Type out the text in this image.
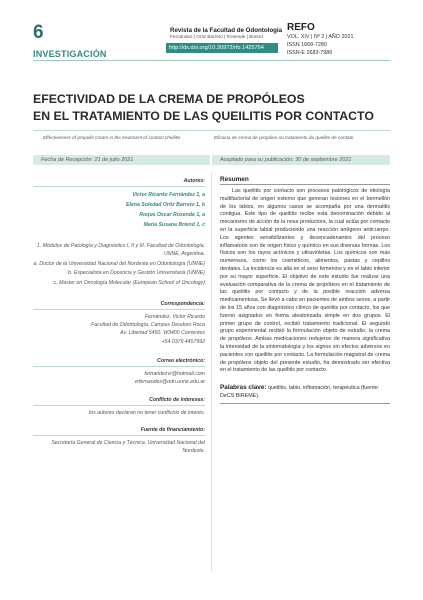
6
INVESTIGACIÓN
Revista de la Facultad de Odontología
Fernández | Ortiz Barreto | Rosende | Briend
http://dx.doi.org/10.30972/rfo.1425764
REFO
VOL. XIV | Nº 2 | AÑO 2021
ISSN 1668-7280
ISSN-E 2683-7986
EFECTIVIDAD DE LA CREMA DE PROPÓLEOS
EN EL TRATAMIENTO DE LAS QUEILITIS POR CONTACTO
Effectiveness of propolis cream in the treatment of contact cheilitis	Eficacia de crema de propóleo no tratamento da queilite de contato
Fecha de Recepción: 21 de julio 2021	Aceptado para su publicación: 30 de septiembre 2021
Autores:
Victor Ricardo Fernández 1, a
Elena Soledad Ortiz Barreto 1, b
Roque Oscar Rosende 1, a
María Susana Briend 1, c
1. Módulos de Patología y Diagnóstico I, II y III. Facultad de Odontología, UNNE, Argentina.
a. Doctor de la Universidad Nacional del Nordeste en Odontología (UNNE)
b. Especialista en Docencia y Gestión Universitaria (UNNE)
c. Master en Oncología Molecular (European School of Oncology)
Correspondencia:
Fernández, Victor Ricardo
Facultad de Odontología, Campus Deodoro Roca
Av. Libertad 5450. W3400 Corrientes
+54 0379 4457992
Correo electrónico:
fernandezvr@hotmail.com
vrfernandez@odn.unne.edu.ar
Conflicto de intereses:
los autores declaran no tener conflictos de interés.
Fuente de financiamiento:
Secretaría General de Ciencia y Técnica. Universidad Nacional del Nordeste.
Resumen
Las queilitis por contacto son procesos patológicos de etiología multifactorial de origen externo que generan lesiones en el bermellón de los labios, en algunos casos se acompaña por una dermatitis contigua. Este tipo de queilitis recibe esta denominación debido al mecanismo de acción de la noxa productora, la cual actúa por contacto en la superficie labial produciendo una reacción antígeno anticuerpo. Los agentes sensibilizantes y desencadenantes del proceso inflamatorio son de origen físico y químico en sus diversas formas. Los físicos son los rayos actínicos y ultravioletas. Los químicos son más numerosos, como los cosméticos, alimentos, pastas y cepillos dentales. La incidencia es alta en el sexo femenino y en el labio inferior por su mayor superficie. El objetivo de este estudio fue realizar una evaluación comparativa de la crema de propóleos en el tratamiento de las queilitis por contacto y de la posible reacción adversa medicamentosa. Se llevó a cabo en pacientes de ambos sexos, a partir de los 15 años con diagnóstico clínico de queilitis por contacto, los que fueron asignados en forma aleatorizada simple en dos grupos. El primer grupo de control, recibió tratamiento tradicional. El segundo grupo experimental recibió la formulación objeto de estudio, la crema de propóleos. Ambas medicaciones redujeron de manera significativa la intensidad de la sintomatología y los signos sin efectos adversos en pacientes con queilitis por contacto. La formulación magistral de crema de propóleos objeto del presente estudio, ha demostrado ser efectiva en el tratamiento de las queilitis por contacto.
Palabras clave: queilitis, labio, inflamación, terapéutica (fuente: DeCS BIREME).
